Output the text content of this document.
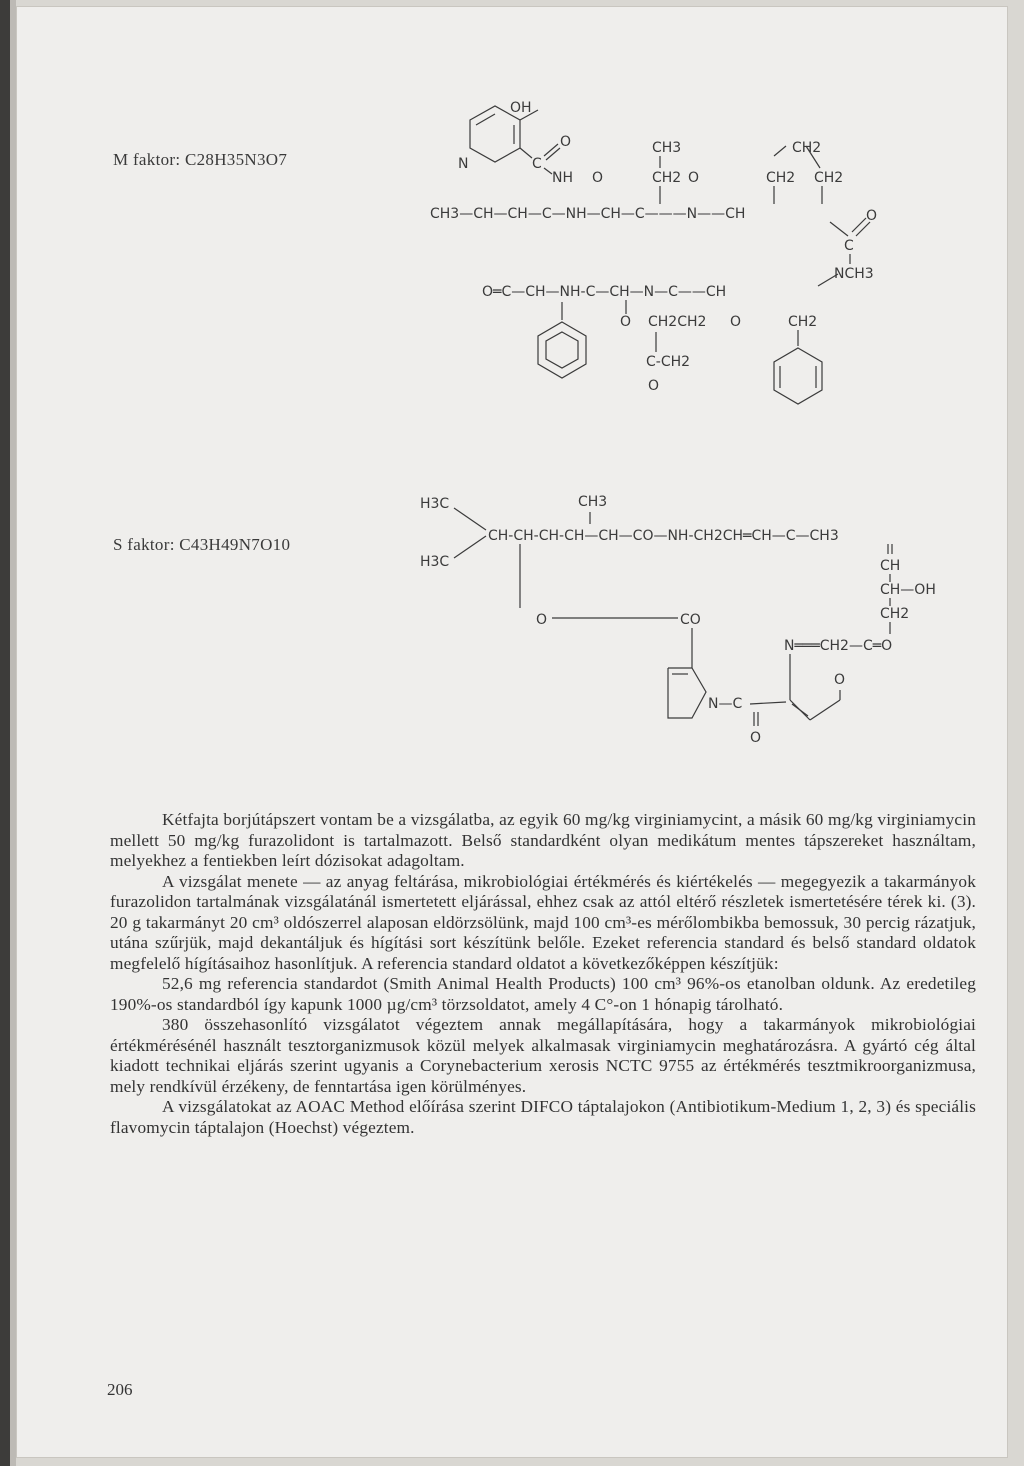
M faktor: C28H35N3O7
OH
N	C
O
NH O
CH3
CH2 O
CH2
CH2 CH2
CH3—CH—CH—C—NH—CH—C———N——CH	O
C
NCH3
O═C—CH—NH-C—CH—N—C——CH
O CH2CH2 O	CH2
C-CH2
O
S faktor: C43H49N7O10
H3C
H3C
CH3
CH-CH-CH-CH—CH—CO—NH-CH2CH═CH—C—CH3
CH
CH—OH
CH2
O	CO
N═══CH2—C═O
O
N—C
O

Kétfajta borjútápszert vontam be a vizsgálatba, az egyik 60 mg/kg virginiamycint, a másik 60 mg/kg virginiamycin mellett 50 mg/kg furazolidont is tartalmazott. Belső standardként olyan medikátum mentes tápszereket használtam, melyekhez a fentiekben leírt dózisokat adagoltam.

A vizsgálat menete — az anyag feltárása, mikrobiológiai értékmérés és kiértékelés — megegyezik a takarmányok furazolidon tartalmának vizsgálatánál ismertetett eljárással, ehhez csak az attól eltérő részletek ismertetésére térek ki. (3). 20 g takarmányt 20 cm³ oldószerrel alaposan eldörzsölünk, majd 100 cm³-es mérőlombikba bemossuk, 30 percig rázatjuk, utána szűrjük, majd dekantáljuk és hígítási sort készítünk belőle. Ezeket referencia standard és belső standard oldatok megfelelő hígításaihoz hasonlítjuk. A referencia standard oldatot a következőképpen készítjük:

52,6 mg referencia standardot (Smith Animal Health Products) 100 cm³ 96%-os etanolban oldunk. Az eredetileg 190%-os standardból így kapunk 1000 µg/cm³ törzsoldatot, amely 4 C°-on 1 hónapig tárolható.

380 összehasonlító vizsgálatot végeztem annak megállapítására, hogy a takarmányok mikrobiológiai értékmérésénél használt tesztorganizmusok közül melyek alkalmasak virginiamycin meghatározásra. A gyártó cég által kiadott technikai eljárás szerint ugyanis a Corynebacterium xerosis NCTC 9755 az értékmérés tesztmikroorganizmusa, mely rendkívül érzékeny, de fenntartása igen körülményes.

A vizsgálatokat az AOAC Method előírása szerint DIFCO táptalajokon (Antibiotikum-Medium 1, 2, 3) és speciális flavomycin táptalajon (Hoechst) végeztem.

206
